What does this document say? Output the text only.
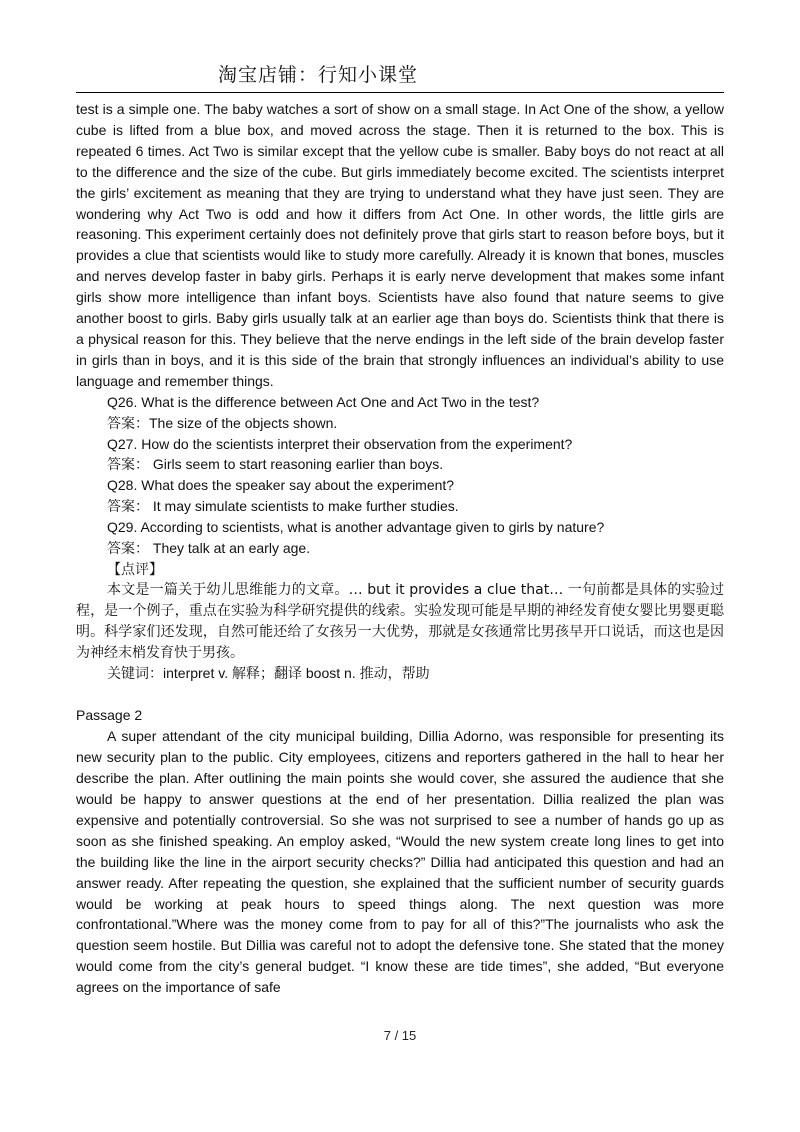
淘宝店铺：行知小课堂

test is a simple one. The baby watches a sort of show on a small stage. In Act One of the show, a yellow cube is lifted from a blue box, and moved across the stage. Then it is returned to the box. This is repeated 6 times. Act Two is similar except that the yellow cube is smaller. Baby boys do not react at all to the difference and the size of the cube. But girls immediately become excited. The scientists interpret the girls’ excitement as meaning that they are trying to understand what they have just seen. They are wondering why Act Two is odd and how it differs from Act One. In other words, the little girls are reasoning. This experiment certainly does not definitely prove that girls start to reason before boys, but it provides a clue that scientists would like to study more carefully. Already it is known that bones, muscles and nerves develop faster in baby girls. Perhaps it is early nerve development that makes some infant girls show more intelligence than infant boys. Scientists have also found that nature seems to give another boost to girls. Baby girls usually talk at an earlier age than boys do. Scientists think that there is a physical reason for this. They believe that the nerve endings in the left side of the brain develop faster in girls than in boys, and it is this side of the brain that strongly influences an individual’s ability to use language and remember things.

Q26. What is the difference between Act One and Act Two in the test?

答案：The size of the objects shown.

Q27. How do the scientists interpret their observation from the experiment?

答案： Girls seem to start reasoning earlier than boys.

Q28. What does the speaker say about the experiment?

答案： It may simulate scientists to make further studies.

Q29. According to scientists, what is another advantage given to girls by nature?

答案： They talk at an early age.

【点评】

本文是一篇关于幼儿思维能力的文章。… but it provides a clue that… 一句前都是具体的实验过程，是一个例子，重点在实验为科学研究提供的线索。实验发现可能是早期的神经发育使女婴比男婴更聪明。科学家们还发现，自然可能还给了女孩另一大优势，那就是女孩通常比男孩早开口说话，而这也是因为神经末梢发育快于男孩。

关键词：interpret v. 解释；翻译 boost n. 推动，帮助

Passage 2

A super attendant of the city municipal building, Dillia Adorno, was responsible for presenting its new security plan to the public. City employees, citizens and reporters gathered in the hall to hear her describe the plan. After outlining the main points she would cover, she assured the audience that she would be happy to answer questions at the end of her presentation. Dillia realized the plan was expensive and potentially controversial. So she was not surprised to see a number of hands go up as soon as she finished speaking. An employ asked, “Would the new system create long lines to get into the building like the line in the airport security checks?” Dillia had anticipated this question and had an answer ready. After repeating the question, she explained that the sufficient number of security guards would be working at peak hours to speed things along. The next question was more confrontational.”Where was the money come from to pay for all of this?”The journalists who ask the question seem hostile. But Dillia was careful not to adopt the defensive tone. She stated that the money would come from the city’s general budget. “I know these are tide times”, she added, “But everyone agrees on the importance of safe

7 / 15
